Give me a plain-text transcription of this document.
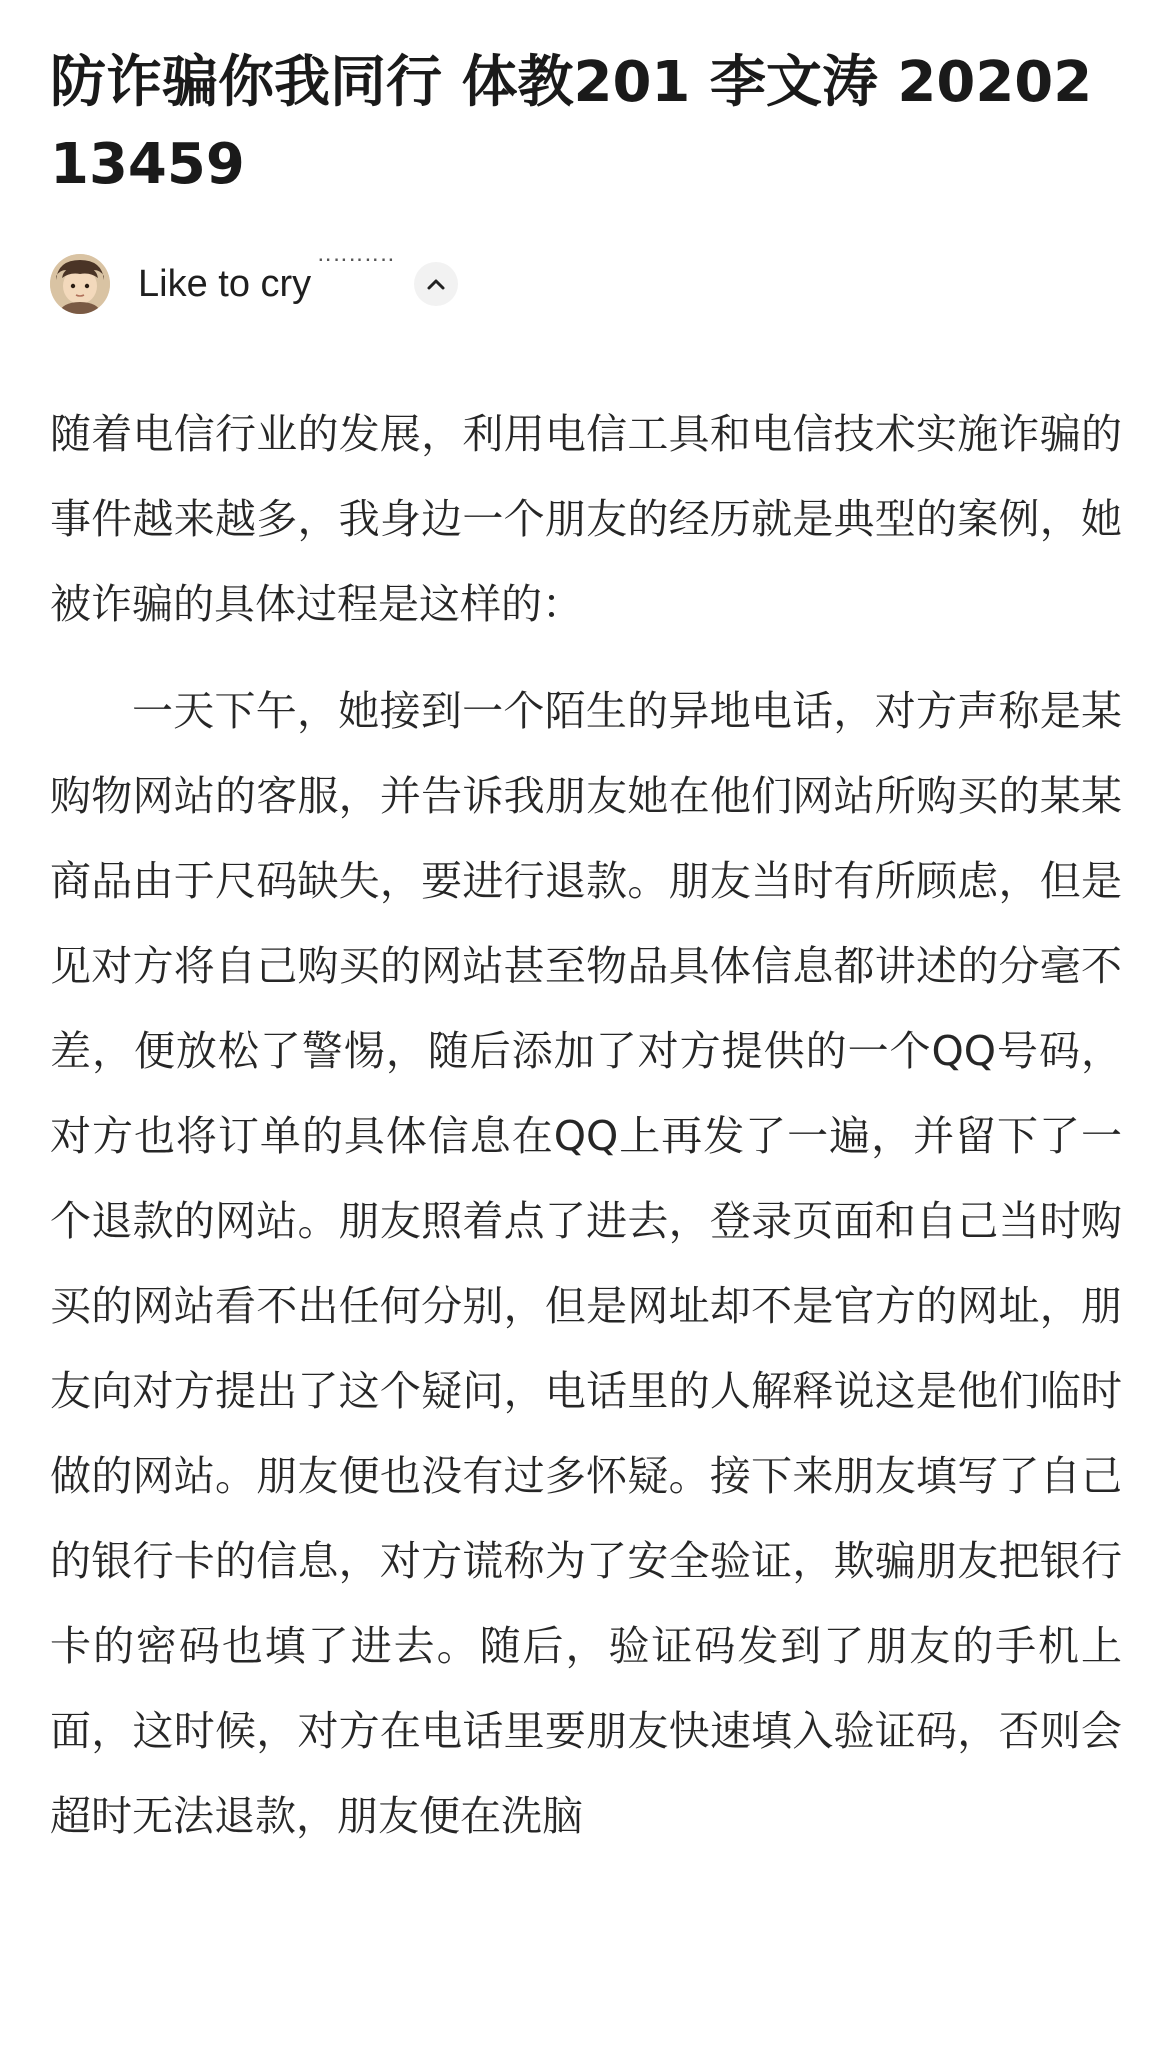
防诈骗你我同行 体教201 李文涛 2020213459
Like to cry‥‥‥‥‥

随着电信行业的发展，利用电信工具和电信技术实施诈骗的事件越来越多，我身边一个朋友的经历就是典型的案例，她被诈骗的具体过程是这样的：

一天下午，她接到一个陌生的异地电话，对方声称是某购物网站的客服，并告诉我朋友她在他们网站所购买的某某商品由于尺码缺失，要进行退款。朋友当时有所顾虑，但是见对方将自己购买的网站甚至物品具体信息都讲述的分毫不差，便放松了警惕，随后添加了对方提供的一个QQ号码，对方也将订单的具体信息在QQ上再发了一遍，并留下了一个退款的网站。朋友照着点了进去，登录页面和自己当时购买的网站看不出任何分别，但是网址却不是官方的网址，朋友向对方提出了这个疑问，电话里的人解释说这是他们临时做的网站。朋友便也没有过多怀疑。接下来朋友填写了自己的银行卡的信息，对方谎称为了安全验证，欺骗朋友把银行卡的密码也填了进去。随后，验证码发到了朋友的手机上面，这时候，对方在电话里要朋友快速填入验证码，否则会超时无法退款，朋友便在洗脑
